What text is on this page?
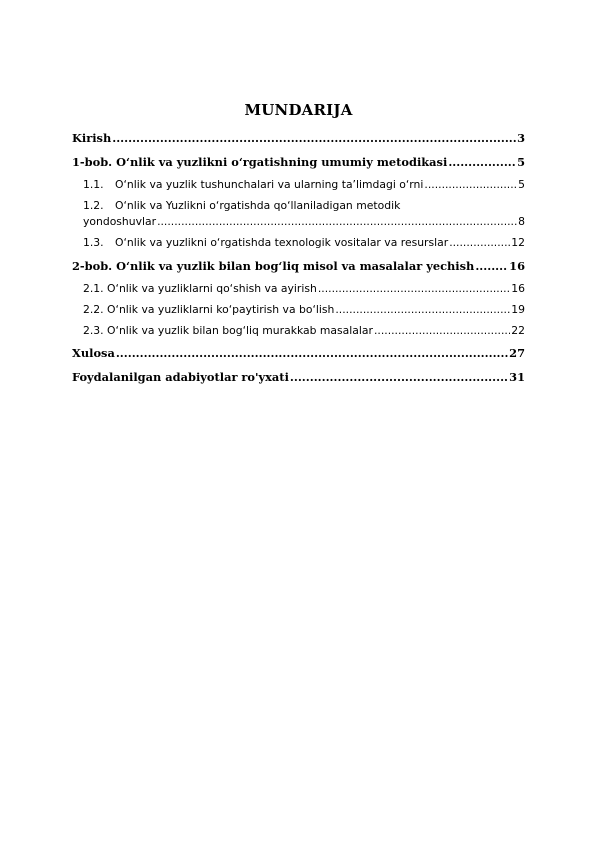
MUNDARIJA
Kirish .....	3
1-bob. O‘nlik va yuzlikni o‘rgatishning umumiy metodikasi .....	5
1.1.	O‘nlik va yuzlik tushunchalari va ularning ta’limdagi o‘rni .....	5
1.2. O‘nlik va Yuzlikni o‘rgatishda qo‘llaniladigan metodik
yondoshuvlar .....	8
1.3.	O‘nlik va yuzlikni o‘rgatishda texnologik vositalar va resurslar .....	12
2-bob. O‘nlik va yuzlik bilan bog‘liq misol va masalalar yechish .....	16
2.1. O‘nlik va yuzliklarni qo‘shish va ayirish .....	16
2.2. O‘nlik va yuzliklarni ko‘paytirish va bo‘lish .....	19
2.3. O‘nlik va yuzlik bilan bog‘liq murakkab masalalar .....	22
Xulosa .....	27
Foydalanilgan adabiyotlar ro'yxati .....	31
